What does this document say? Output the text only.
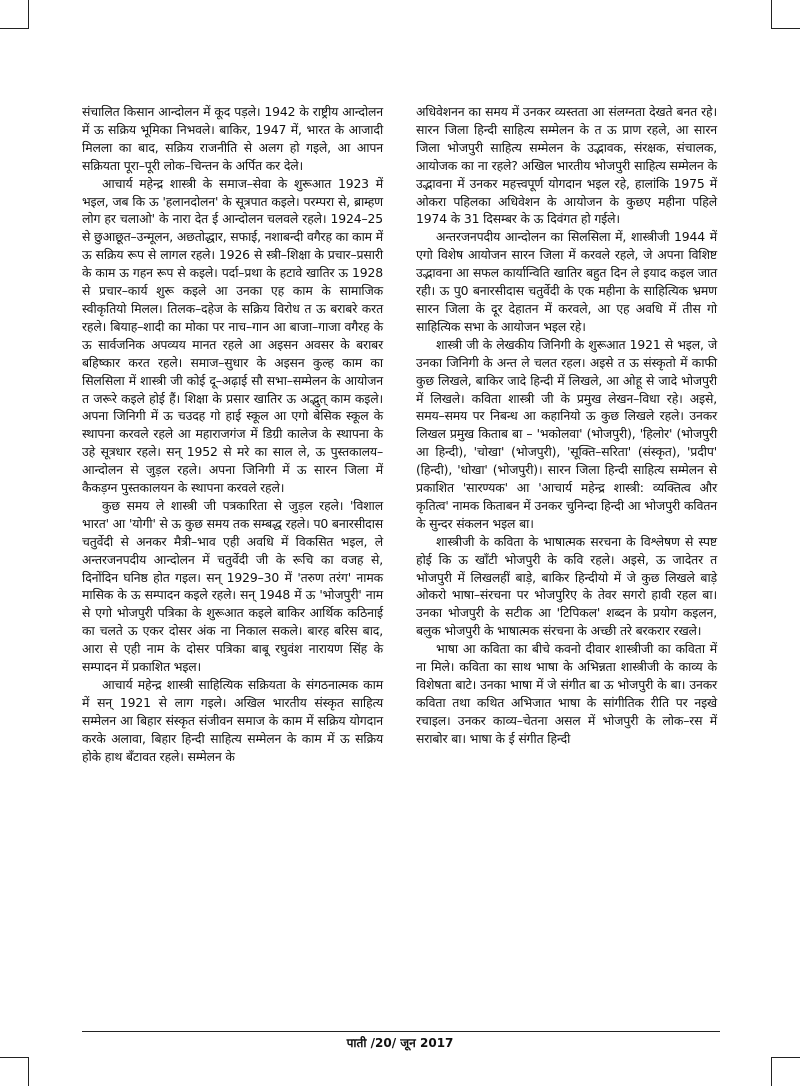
संचालित किसान आन्दोलन में कूद पड़ले। 1942 के राष्ट्रीय आन्दोलन में ऊ सक्रिय भूमिका निभवले। बाकिर, 1947 में, भारत के आजादी मिलला का बाद, सक्रिय राजनीति से अलग हो गइले, आ आपन सक्रियता पूरा–पूरी लोक–चिन्तन के अर्पित कर देले।

आचार्य महेन्द्र शास्त्री के समाज–सेवा के शुरूआत 1923 में भइल, जब कि ऊ 'हलानदोलन' के सूत्रपात कइले। परम्परा से, ब्राम्हण लोग हर चलाओ' के नारा देत ई आन्दोलन चलवले रहले। 1924–25 से छुआछूत–उन्मूलन, अछतोद्धार, सफाई, नशाबन्दी वगैरह का काम में ऊ सक्रिय रूप से लागल रहले। 1926 से स्त्री–शिक्षा के प्रचार–प्रसारी के काम ऊ गहन रूप से कइले। पर्दा–प्रथा के हटावे खातिर ऊ 1928 से प्रचार–कार्य शुरू कइले आ उनका एह काम के सामाजिक स्वीकृतियो मिलल। तिलक–दहेज के सक्रिय विरोध त ऊ बराबरे करत रहले। बियाह–शादी का मोका पर नाच–गान आ बाजा–गाजा वगैरह के ऊ सार्वजनिक अपव्यय मानत रहले आ अइसन अवसर के बराबर बहिष्कार करत रहले। समाज–सुधार के अइसन कुल्ह काम का सिलसिला में शास्त्री जी कोई दू–अढ़ाई सौ सभा–सम्मेलन के आयोजन त जरूरे कइले होई हैं। शिक्षा के प्रसार खातिर ऊ अद्भुत् काम कइले। अपना जिनिगी में ऊ चउदह गो हाई स्कूल आ एगो बेसिक स्कूल के स्थापना करवले रहले आ महाराजगंज में डिग्री कालेज के स्थापना के उहे सूत्रधार रहले। सन् 1952 से मरे का साल ले, ऊ पुस्तकालय–आन्दोलन से जुड़ल रहले। अपना जिनिगी में ऊ सारन जिला में कैकड़ग्न पुस्तकालयन के स्थापना करवले रहले।

कुछ समय ले शास्त्री जी पत्रकारिता से जुड़ल रहले। 'विशाल भारत' आ 'योगी' से ऊ कुछ समय तक सम्बद्ध रहले। प0 बनारसीदास चतुर्वेदी से अनकर मैत्री–भाव एही अवधि में विकसित भइल, ले अन्तरजनपदीय आन्दोलन में चतुर्वेदी जी के रूचि का वजह से, दिनोंदिन घनिष्ठ होत गइल। सन् 1929–30 में 'तरुण तरंग' नामक मासिक के ऊ सम्पादन कइले रहले। सन् 1948 में ऊ 'भोजपुरी' नाम से एगो भोजपुरी पत्रिका के शुरूआत कइले बाकिर आर्थिक कठिनाई का चलते ऊ एकर दोसर अंक ना निकाल सकले। बारह बरिस बाद, आरा से एही नाम के दोसर पत्रिका बाबू रघुवंश नारायण सिंह के सम्पादन में प्रकाशित भइल।

आचार्य महेन्द्र शास्त्री साहित्यिक सक्रियता के संगठनात्मक काम में सन् 1921 से लाग गइले। अखिल भारतीय संस्कृत साहित्य सम्मेलन आ बिहार संस्कृत संजीवन समाज के काम में सक्रिय योगदान करके अलावा, बिहार हिन्दी साहित्य सम्मेलन के काम में ऊ सक्रिय होके हाथ बँटावत रहले। सम्मेलन के

अधिवेशनन का समय में उनकर व्यस्तता आ संलग्नता देखते बनत रहे। सारन जिला हिन्दी साहित्य सम्मेलन के त ऊ प्राण रहले, आ सारन जिला भोजपुरी साहित्य सम्मेलन के उद्भावक, संरक्षक, संचालक, आयोजक का ना रहले? अखिल भारतीय भोजपुरी साहित्य सम्मेलन के उद्भावना में उनकर महत्त्वपूर्ण योगदान भइल रहे, हालांकि 1975 में ओकरा पहिलका अधिवेशन के आयोजन के कुछए महीना पहिले 1974 के 31 दिसम्बर के ऊ दिवंगत हो गईले।

अन्तरजनपदीय आन्दोलन का सिलसिला में, शास्त्रीजी 1944 में एगो विशेष आयोजन सारन जिला में करवले रहले, जे अपना विशिष्ट उद्भावना आ सफल कार्यान्विति खातिर बहुत दिन ले इयाद कइल जात रही। ऊ पु0 बनारसीदास चतुर्वेदी के एक महीना के साहित्यिक भ्रमण सारन जिला के दूर देहातन में करवले, आ एह अवधि में तीस गो साहित्यिक सभा के आयोजन भइल रहे।

शास्त्री जी के लेखकीय जिनिगी के शुरूआत 1921 से भइल, जे उनका जिनिगी के अन्त ले चलत रहल। अइसे त ऊ संस्कृतो में काफी कुछ लिखले, बाकिर जादे हिन्दी में लिखले, आ ओहू से जादे भोजपुरी में लिखले। कविता शास्त्री जी के प्रमुख लेखन–विधा रहे। अइसे, समय–समय पर निबन्ध आ कहानियो ऊ कुछ लिखले रहले। उनकर लिखल प्रमुख किताब बा – 'भकोलवा' (भोजपुरी), 'हिलोर' (भोजपुरी आ हिन्दी), 'चोखा' (भोजपुरी), 'सूक्ति–सरिता' (संस्कृत), 'प्रदीप' (हिन्दी), 'धोखा' (भोजपुरी)। सारन जिला हिन्दी साहित्य सम्मेलन से प्रकाशित 'सारण्यक' आ 'आचार्य महेन्द्र शास्त्री: व्यक्तित्व और कृतित्व' नामक किताबन में उनकर चुनिन्दा हिन्दी आ भोजपुरी कवितन के सुन्दर संकलन भइल बा।

शास्त्रीजी के कविता के भाषात्मक सरचना के विश्लेषण से स्पष्ट होई कि ऊ खाँटी भोजपुरी के कवि रहले। अइसे, ऊ जादेतर त भोजपुरी में लिखलहीं बाड़े, बाकिर हिन्दीयो में जे कुछ लिखले बाड़े ओकरो भाषा–संरचना पर भोजपुरिए के तेवर सगरो हावी रहल बा। उनका भोजपुरी के सटीक आ 'टिपिकल' शब्दन के प्रयोग कइलन, बलुक भोजपुरी के भाषात्मक संरचना के अच्छी तरे बरकरार रखले।

भाषा आ कविता का बीचे कवनो दीवार शास्त्रीजी का कविता में ना मिले। कविता का साथ भाषा के अभिन्नता शास्त्रीजी के काव्य के विशेषता बाटे। उनका भाषा में जे संगीत बा ऊ भोजपुरी के बा। उनकर कविता तथा कथित अभिजात भाषा के सांगीतिक रीति पर नइखे रचाइल। उनकर काव्य–चेतना असल में भोजपुरी के लोक–रस में सराबोर बा। भाषा के ई संगीत हिन्दी

पाती /20/ जून 2017
